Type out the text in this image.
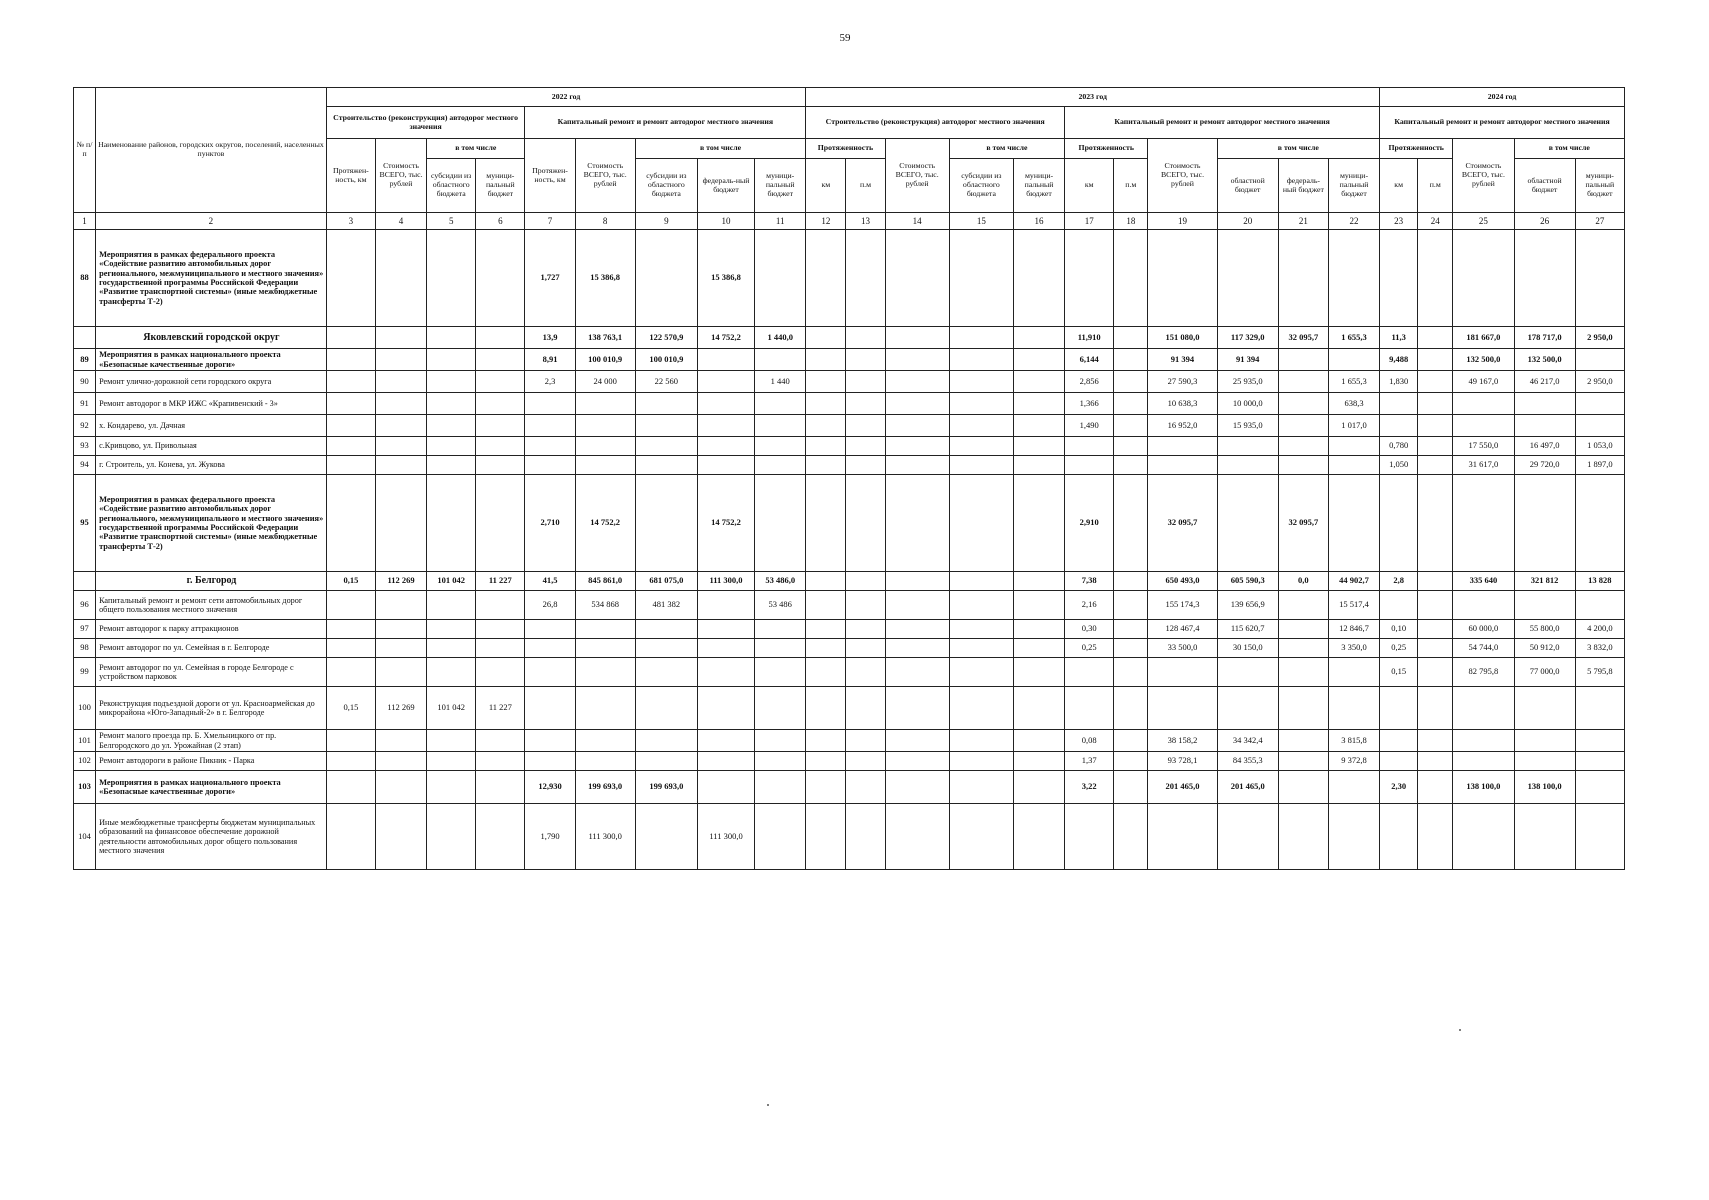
59
№ п/п	Наименование районов, городских округов, поселений, населенных пунктов	2022 год									2023 год											2024 год				
		Строительство (реконструкция) автодорог местного значения				Капитальный ремонт и ремонт автодорог местного значения					Строительство (реконструкция) автодорог местного значения					Капитальный ремонт и ремонт автодорог местного значения						Капитальный ремонт и ремонт автодорог местного значения				
		Протяжен-ность, км	Стоимость ВСЕГО, тыс. рублей	в том числе		Протяжен-ность, км	Стоимость ВСЕГО, тыс. рублей	в том числе			Протяженность		Стоимость ВСЕГО, тыс. рублей	в том числе		Протяженность		Стоимость ВСЕГО, тыс. рублей	в том числе			Протяженность		Стоимость ВСЕГО, тыс. рублей	в том числе	
				субсидии из областного бюджета	муници-пальный бюджет			субсидии из областного бюджета	федераль-ный бюджет	муници-пальный бюджет	км	п.м		субсидии из областного бюджета	муници-пальный бюджет	км	п.м		областной бюджет	федераль-ный бюджет	муници-пальный бюджет	км	п.м		областной бюджет	муници-пальный бюджет
1	2	3	4	5	6	7	8	9	10	11	12	13	14	15	16	17	18	19	20	21	22	23	24	25	26	27
88	Мероприятия в рамках федерального проекта «Содействие развитию автомобильных дорог регионального, межмуниципального и местного значения» государственной программы Российской Федерации «Развитие транспортной системы» (иные межбюджетные трансферты Т-2)					1,727	15 386,8		15 386,8																	
	Яковлевский городской округ					13,9	138 763,1	122 570,9	14 752,2	1 440,0						11,910		151 080,0	117 329,0	32 095,7	1 655,3	11,3		181 667,0	178 717,0	2 950,0
89	Мероприятия в рамках национального проекта «Безопасные качественные дороги»					8,91	100 010,9	100 010,9								6,144		91 394	91 394			9,488		132 500,0	132 500,0	
90	Ремонт улично-дорожной сети городского округа					2,3	24 000	22 560		1 440						2,856		27 590,3	25 935,0		1 655,3	1,830		49 167,0	46 217,0	2 950,0
91	Ремонт автодорог в МКР ИЖС «Крапивенский - 3»															1,366		10 638,3	10 000,0		638,3					
92	х. Кондарево, ул. Дачная															1,490		16 952,0	15 935,0		1 017,0					
93	с.Кривцово, ул. Привольная																					0,780		17 550,0	16 497,0	1 053,0
94	г. Строитель, ул. Конева, ул. Жукова																					1,050		31 617,0	29 720,0	1 897,0
95	Мероприятия в рамках федерального проекта «Содействие развитию автомобильных дорог регионального, межмуниципального и местного значения» государственной программы Российской Федерации «Развитие транспортной системы» (иные межбюджетные трансферты Т-2)					2,710	14 752,2		14 752,2							2,910		32 095,7		32 095,7						
	г. Белгород	0,15	112 269	101 042	11 227	41,5	845 861,0	681 075,0	111 300,0	53 486,0						7,38		650 493,0	605 590,3	0,0	44 902,7	2,8		335 640	321 812	13 828
96	Капитальный ремонт и ремонт сети автомобильных дорог общего пользования местного значения					26,8	534 868	481 382		53 486						2,16		155 174,3	139 656,9		15 517,4					
97	Ремонт автодорог к парку аттракционов															0,30		128 467,4	115 620,7		12 846,7	0,10		60 000,0	55 800,0	4 200,0
98	Ремонт автодорог по ул. Семейная в г. Белгороде															0,25		33 500,0	30 150,0		3 350,0	0,25		54 744,0	50 912,0	3 832,0
99	Ремонт автодорог по ул. Семейная в городе Белгороде с устройством парковок																					0,15		82 795,8	77 000,0	5 795,8
100	Реконструкция подъездной дороги от ул. Красноармейская до микрорайона «Юго-Западный-2» в г. Белгороде	0,15	112 269	101 042	11 227																					
101	Ремонт малого проезда пр. Б. Хмельницкого от пр. Белгородского до ул. Урожайная (2 этап)															0,08		38 158,2	34 342,4		3 815,8					
102	Ремонт автодороги в районе Пикник - Парка															1,37		93 728,1	84 355,3		9 372,8					
103	Мероприятия в рамках национального проекта «Безопасные качественные дороги»					12,930	199 693,0	199 693,0								3,22		201 465,0	201 465,0			2,30		138 100,0	138 100,0	
104	Иные межбюджетные трансферты бюджетам муниципальных образований на финансовое обеспечение дорожной деятельности автомобильных дорог общего пользования местного значения					1,790	111 300,0		111 300,0																	
